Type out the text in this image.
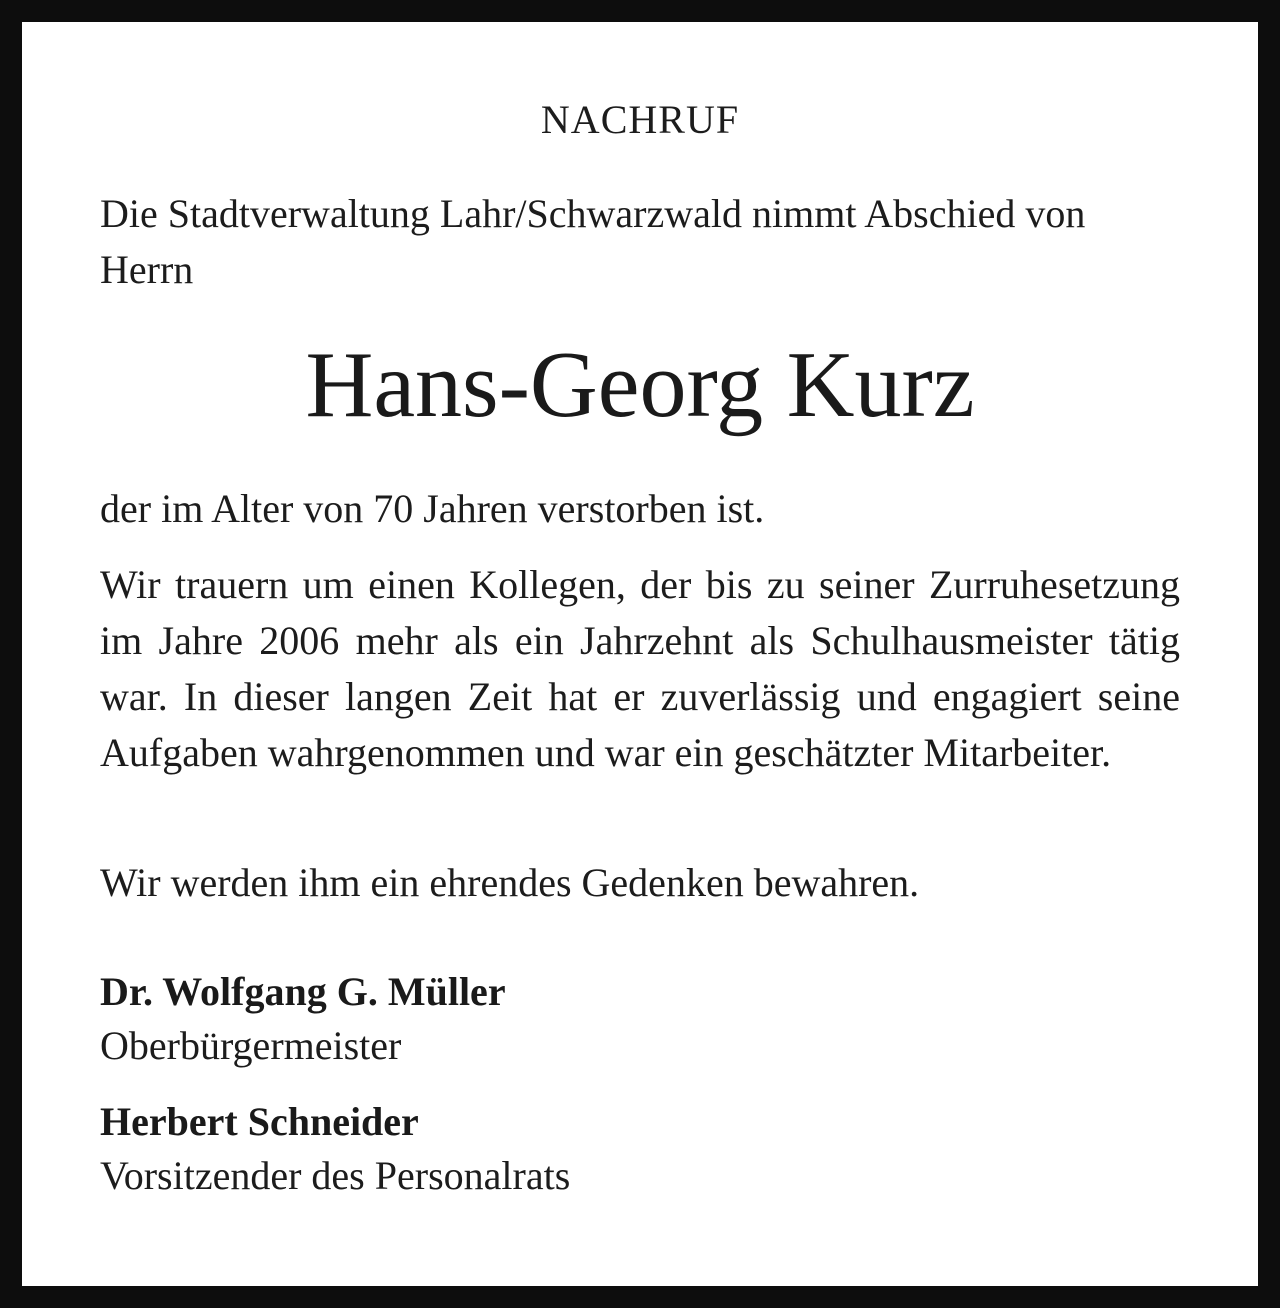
NACHRUF
Die Stadtverwaltung Lahr/Schwarzwald nimmt Abschied von Herrn
Hans-Georg Kurz
der im Alter von 70 Jahren verstorben ist.
Wir trauern um einen Kollegen, der bis zu seiner Zurruhesetzung im Jahre 2006 mehr als ein Jahrzehnt als Schulhausmeister tätig war. In dieser langen Zeit hat er zuverlässig und engagiert seine Aufgaben wahrgenommen und war ein geschätzter Mitarbeiter.
Wir werden ihm ein ehrendes Gedenken bewahren.
Dr. Wolfgang G. Müller
Oberbürgermeister
Herbert Schneider
Vorsitzender des Personalrats
